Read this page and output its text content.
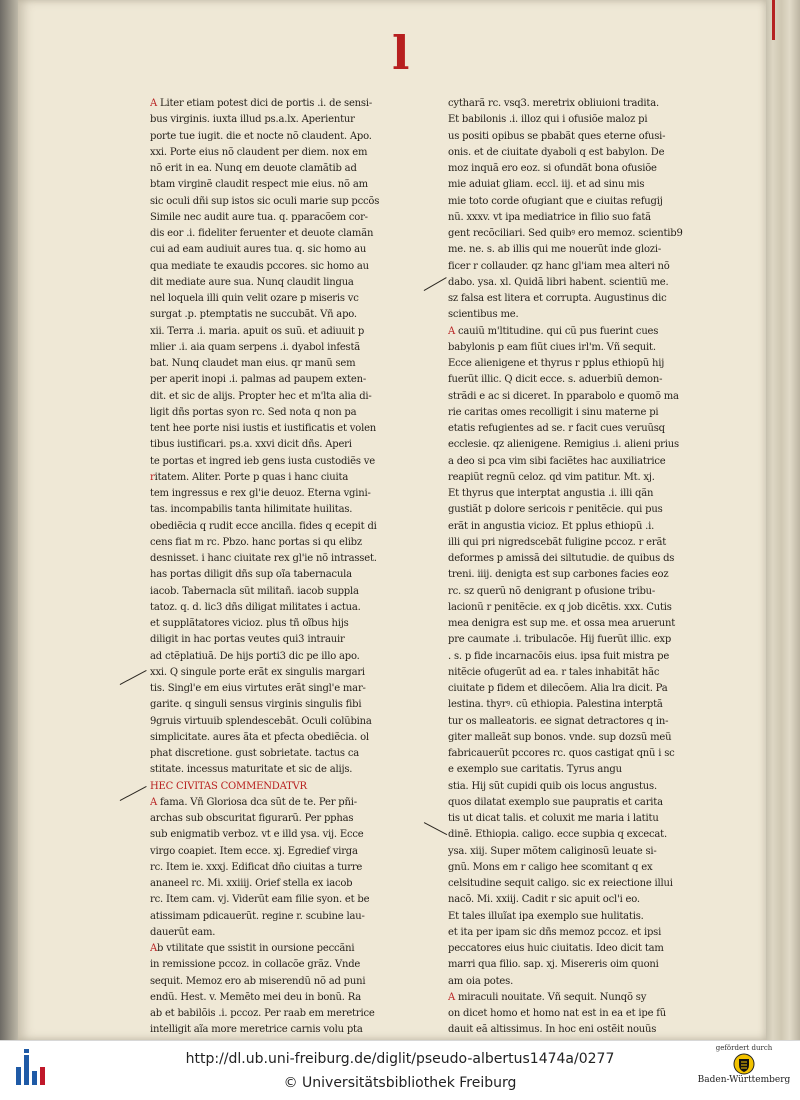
l
A Liter etiam potest dici de portis .i. de sensi-
bus virginis. iuxta illud ps.a.lx. Aperientur
porte tue iugit. die et nocte nõ claudent. Apo.
xxi. Porte eius nõ claudent per diem. nox em
nõ erit in ea. Nunq em deuote clamãtib ad
btam virginẽ claudit respect mie eius. nõ am
sic oculi dñi sup istos sic oculi marie sup pccõs
Simile nec audit aure tua. q. pparacõem cor-
dis eor .i. fideliter feruenter et deuote clamãn
cui ad eam audiuit aures tua. q. sic homo au
qua mediate te exaudis pccores. sic homo au
dit mediate aure sua. Nunq claudit lingua
nel loquela illi quin velit ozare p miseris vc
surgat .p. ptemptatis ne succubãt. Vñ apo.
xii. Terra .i. maria. apuit os suũ. et adiuuit p
mlier .i. aia quam serpens .i. dyabol infestã
bat. Nunq claudet man eius. qr manũ sem
per aperit inopi .i. palmas ad paupem exten-
dit. et sic de alijs. Propter hec et m'lta alia di-
ligit dñs portas syon rc. Sed nota q non pa
tent hee porte nisi iustis et iustificatis et volen
tibus iustificari. ps.a. xxvi dicit dñs. Aperi
te portas et ingred ieb gens iusta custodiẽs ve
ritatem. Aliter. Porte p quas i hanc ciuita
tem ingressus e rex gl'ie deuoz. Eterna vgini-
tas. incompabilis tanta hilimitate huilitas.
obediẽcia q rudit ecce ancilla. fides q ecepit di
cens fiat m rc. Pbzo. hanc portas si qu elibz
desnisset. i hanc ciuitate rex gl'ie nõ intrasset.
has portas diligit dñs sup oĩa tabernacula
iacob. Tabernacla sũt militañ. iacob suppla
tatoz. q. d. lic3 dñs diligat militates i actua.
et supplãtatores vicioz. plus tñ oĩbus hijs
diligit in hac portas veutes qui3 intrauir
ad ctẽplatiuã. De hijs porti3 dic pe illo apo.
xxi. Q singule porte erãt ex singulis margari
tis. Singl'e em eius virtutes erãt singl'e mar-
garite. q singuli sensus virginis singulis fibi
9gruis virtuuib splendescebãt. Oculi colũbina
simplicitate. aures ãta et pfecta obediẽcia. ol
phat discretione. gust sobrietate. tactus ca
stitate. incessus maturitate et sic de alijs.
HEC CIVITAS COMMENDATVR
A fama. Vñ Gloriosa dca sũt de te. Per pñi-
archas sub obscuritat figurarũ. Per pphas
sub enigmatib verboz. vt e illd ysa. vij. Ecce
virgo coapiet. Item ecce. xj. Egredief virga
rc. Item ie. xxxj. Edificat dño ciuitas a turre
ananeel rc. Mi. xxiiij. Orief stella ex iacob
rc. Item cam. vj. Viderũt eam filie syon. et be
atissimam pdicauerũt. regine r. scubine lau-
dauerũt eam.
Ab vtilitate que ssistit in oursione peccãni
in remissione pccoz. in collacõe grãz. Vnde
sequit. Memoz ero ab miserendũ nõ ad puni
endũ. Hest. v. Memẽto mei deu in bonũ. Ra
ab et babilõis .i. pccoz. Per raab em meretrice
intelligit aĩa more meretrice carnis volu pta
cytharã rc. vsq3. meretrix obliuioni tradita.
Et babilonis .i. illoz qui i ofusiõe maloz pi
us positi opibus se pbabãt ques eterne ofusi-
onis. et de ciuitate dyaboli q est babylon. De
moz inquã ero eoz. si ofundãt bona ofusiõe
mie aduiat gliam. eccl. iij. et ad sinu mis
mie toto corde ofugiant que e ciuitas refugij
nũ. xxxv. vt ipa mediatrice in filio suo fatã
gent recõciliari. Sed quibꝰ ero memoz. scientib9
me. ne. s. ab illis qui me nouerũt inde glozi-
ficer r collauder. qz hanc gl'iam mea alteri nõ
dabo. ysa. xl. Quidã libri habent. scientiũ me.
sz falsa est litera et corrupta. Augustinus dic
scientibus me.
A cauiũ m'ltitudine. qui cũ pus fuerint cues
babylonis p eam fiũt ciues irl'm. Vñ sequit.
Ecce alienigene et thyrus r pplus ethiopũ hij
fuerũt illic. Q dicit ecce. s. aduerbiũ demon-
strãdi e ac si diceret. In pparabolo e quomõ ma
rie caritas omes recolligit i sinu materne pi
etatis refugientes ad se. r facit cues veruũsq
ecclesie. qz alienigene. Remigius .i. alieni prius
a deo si pca vim sibi faciẽtes hac auxiliatrice
reapiũt regnũ celoz. qd vim patitur. Mt. xj.
Et thyrus que interptat angustia .i. illi qãn
gustiãt p dolore sericois r penitẽcie. qui pus
erãt in angustia vicioz. Et pplus ethiopũ .i.
illi qui pri nigredscebãt fuligine pccoz. r erãt
deformes p amissã dei siltutudie. de quibus ds
treni. iiij. denigta est sup carbones facies eoz
rc. sz querũ nõ denigrant p ofusione tribu-
lacionũ r penitẽcie. ex q job dicẽtis. xxx. Cutis
mea denigra est sup me. et ossa mea aruerunt
pre caumate .i. tribulacõe. Hij fuerũt illic. exp
. s. p fide incarnacõis eius. ipsa fuit mistra pe
nitẽcie ofugerũt ad ea. r tales inhabitãt hãc
ciuitate p fidem et dilecõem. Alia lra dicit. Pa
lestina. thyrꝰ. cũ ethiopia. Palestina interptã
tur os malleatoris. ee signat detractores q in-
giter malleãt sup bonos. vnde. sup dozsũ meũ
fabricauerũt pccores rc. quos castigat qnũ i sc
e exemplo sue caritatis. Tyrus angu
stia. Hij sũt cupidi quib ois locus angustus.
quos dilatat exemplo sue paupratis et carita
tis ut dicat talis. et coluxit me maria i latitu
dinẽ. Ethiopia. caligo. ecce supbia q excecat.
ysa. xiij. Super mõtem caliginosũ leuate si-
gnũ. Mons em r caligo hee scomitant q ex
celsitudine sequit caligo. sic ex reiectione illui
nacõ. Mi. xxiij. Cadit r sic apuit ocl'i eo.
Et tales illuĩat ipa exemplo sue hulitatis.
et ita per ipam sic dñs memoz pccoz. et ipsi
peccatores eius huic ciuitatis. Ideo dicit tam
marri qua filio. sap. xj. Misereris oim quoni
am oia potes.
A miraculi nouitate. Vñ sequit. Nunqõ sy
on dicet homo et homo nat est in ea et ipe fũ
dauit eã altissimus. In hoc eni ostẽit nouũs
http://dl.ub.uni-freiburg.de/diglit/pseudo-albertus1474a/0277
© Universitätsbibliothek Freiburg
gefördert durch
Baden-Württemberg
